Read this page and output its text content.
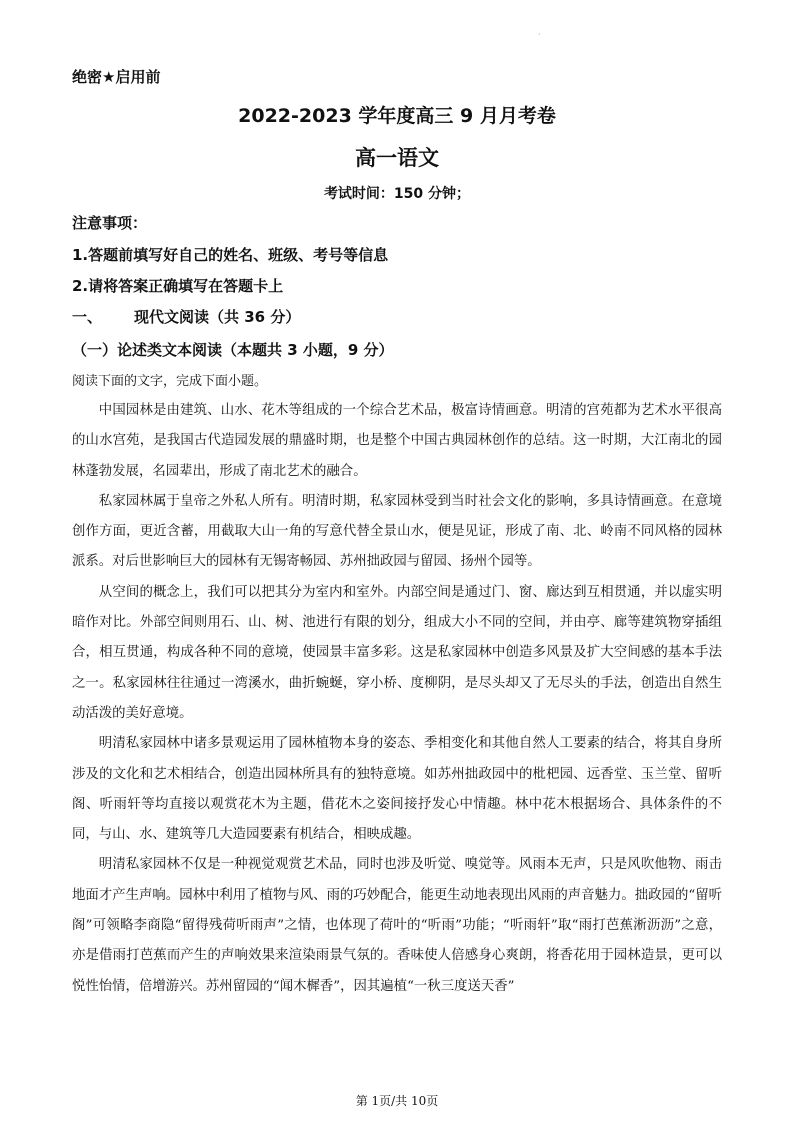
·
绝密★启用前
2022-2023 学年度高三 9 月月考卷
高一语文
考试时间：150 分钟；
注意事项：
1.答题前填写好自己的姓名、班级、考号等信息
2.请将答案正确填写在答题卡上
一、 现代文阅读（共 36 分）
（一）论述类文本阅读（本题共 3 小题，9 分）
阅读下面的文字，完成下面小题。

中国园林是由建筑、山水、花木等组成的一个综合艺术品，极富诗情画意。明清的宫苑都为艺术水平很高的山水宫苑，是我国古代造园发展的鼎盛时期，也是整个中国古典园林创作的总结。这一时期，大江南北的园林蓬勃发展，名园辈出，形成了南北艺术的融合。

私家园林属于皇帝之外私人所有。明清时期，私家园林受到当时社会文化的影响，多具诗情画意。在意境创作方面，更近含蓄，用截取大山一角的写意代替全景山水，便是见证，形成了南、北、岭南不同风格的园林派系。对后世影响巨大的园林有无锡寄畅园、苏州拙政园与留园、扬州个园等。

从空间的概念上，我们可以把其分为室内和室外。内部空间是通过门、窗、廊达到互相贯通，并以虚实明暗作对比。外部空间则用石、山、树、池进行有限的划分，组成大小不同的空间，并由亭、廊等建筑物穿插组合，相互贯通，构成各种不同的意境，使园景丰富多彩。这是私家园林中创造多风景及扩大空间感的基本手法之一。私家园林往往通过一湾溪水，曲折蜿蜒，穿小桥、度柳阴，是尽头却又了无尽头的手法，创造出自然生动活泼的美好意境。

明清私家园林中诸多景观运用了园林植物本身的姿态、季相变化和其他自然人工要素的结合，将其自身所涉及的文化和艺术相结合，创造出园林所具有的独特意境。如苏州拙政园中的枇杷园、远香堂、玉兰堂、留听阁、听雨轩等均直接以观赏花木为主题，借花木之姿间接抒发心中情趣。林中花木根据场合、具体条件的不同，与山、水、建筑等几大造园要素有机结合，相映成趣。

明清私家园林不仅是一种视觉观赏艺术品，同时也涉及听觉、嗅觉等。风雨本无声，只是风吹他物、雨击地面才产生声响。园林中利用了植物与风、雨的巧妙配合，能更生动地表现出风雨的声音魅力。拙政园的“留听阁”可领略李商隐“留得残荷听雨声”之情，也体现了荷叶的“听雨”功能；“听雨轩”取“雨打芭蕉淅沥沥”之意，亦是借雨打芭蕉而产生的声响效果来渲染雨景气氛的。香味使人倍感身心爽朗，将香花用于园林造景，更可以悦性怡情，倍增游兴。苏州留园的“闻木樨香”，因其遍植“一秋三度送天香”

第 1页/共 10页
